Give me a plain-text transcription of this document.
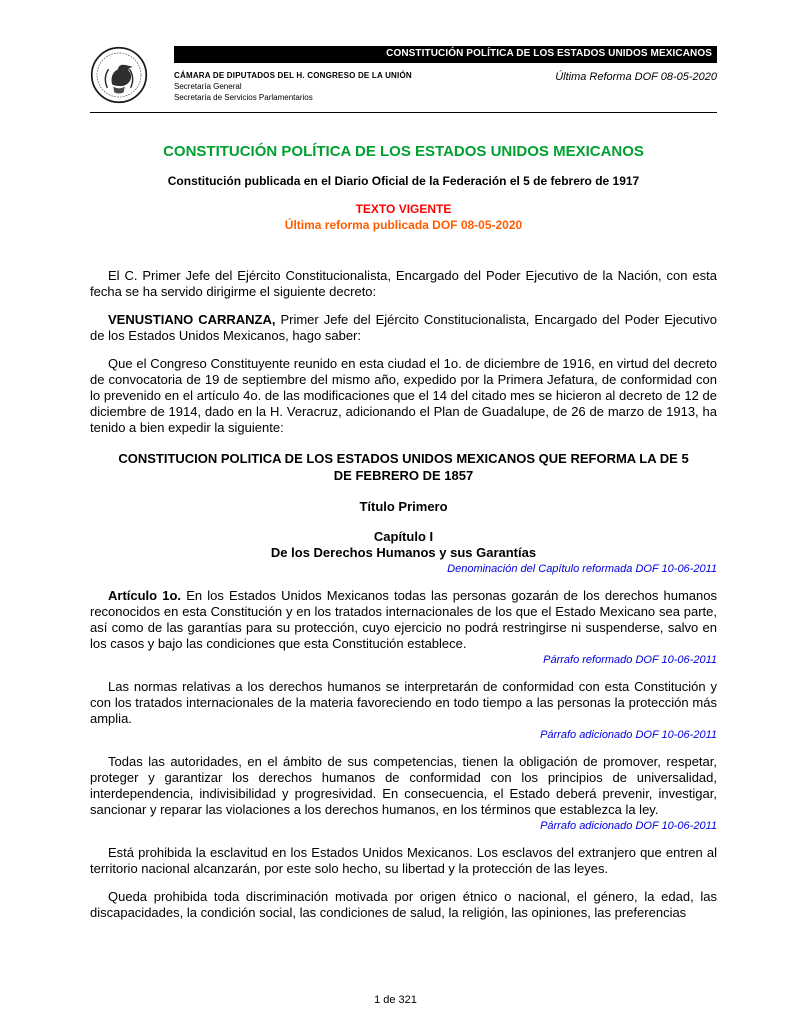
CONSTITUCIÓN POLÍTICA DE LOS ESTADOS UNIDOS MEXICANOS
CÁMARA DE DIPUTADOS DEL H. CONGRESO DE LA UNIÓN
Secretaría General
Secretaría de Servicios Parlamentarios
Última Reforma DOF 08-05-2020
CONSTITUCIÓN POLÍTICA DE LOS ESTADOS UNIDOS MEXICANOS

Constitución publicada en el Diario Oficial de la Federación el 5 de febrero de 1917

TEXTO VIGENTE

Última reforma publicada DOF 08-05-2020

El C. Primer Jefe del Ejército Constitucionalista, Encargado del Poder Ejecutivo de la Nación, con esta fecha se ha servido dirigirme el siguiente decreto:

VENUSTIANO CARRANZA, Primer Jefe del Ejército Constitucionalista, Encargado del Poder Ejecutivo de los Estados Unidos Mexicanos, hago saber:

Que el Congreso Constituyente reunido en esta ciudad el 1o. de diciembre de 1916, en virtud del decreto de convocatoria de 19 de septiembre del mismo año, expedido por la Primera Jefatura, de conformidad con lo prevenido en el artículo 4o. de las modificaciones que el 14 del citado mes se hicieron al decreto de 12 de diciembre de 1914, dado en la H. Veracruz, adicionando el Plan de Guadalupe, de 26 de marzo de 1913, ha tenido a bien expedir la siguiente:

CONSTITUCION POLITICA DE LOS ESTADOS UNIDOS MEXICANOS QUE REFORMA LA DE 5 DE FEBRERO DE 1857
Título Primero
Capítulo I
De los Derechos Humanos y sus Garantías

Denominación del Capítulo reformada DOF 10-06-2011

Artículo 1o. En los Estados Unidos Mexicanos todas las personas gozarán de los derechos humanos reconocidos en esta Constitución y en los tratados internacionales de los que el Estado Mexicano sea parte, así como de las garantías para su protección, cuyo ejercicio no podrá restringirse ni suspenderse, salvo en los casos y bajo las condiciones que esta Constitución establece.

Párrafo reformado DOF 10-06-2011

Las normas relativas a los derechos humanos se interpretarán de conformidad con esta Constitución y con los tratados internacionales de la materia favoreciendo en todo tiempo a las personas la protección más amplia.

Párrafo adicionado DOF 10-06-2011

Todas las autoridades, en el ámbito de sus competencias, tienen la obligación de promover, respetar, proteger y garantizar los derechos humanos de conformidad con los principios de universalidad, interdependencia, indivisibilidad y progresividad. En consecuencia, el Estado deberá prevenir, investigar, sancionar y reparar las violaciones a los derechos humanos, en los términos que establezca la ley.

Párrafo adicionado DOF 10-06-2011

Está prohibida la esclavitud en los Estados Unidos Mexicanos. Los esclavos del extranjero que entren al territorio nacional alcanzarán, por este solo hecho, su libertad y la protección de las leyes.

Queda prohibida toda discriminación motivada por origen étnico o nacional, el género, la edad, las discapacidades, la condición social, las condiciones de salud, la religión, las opiniones, las preferencias

1 de 321
